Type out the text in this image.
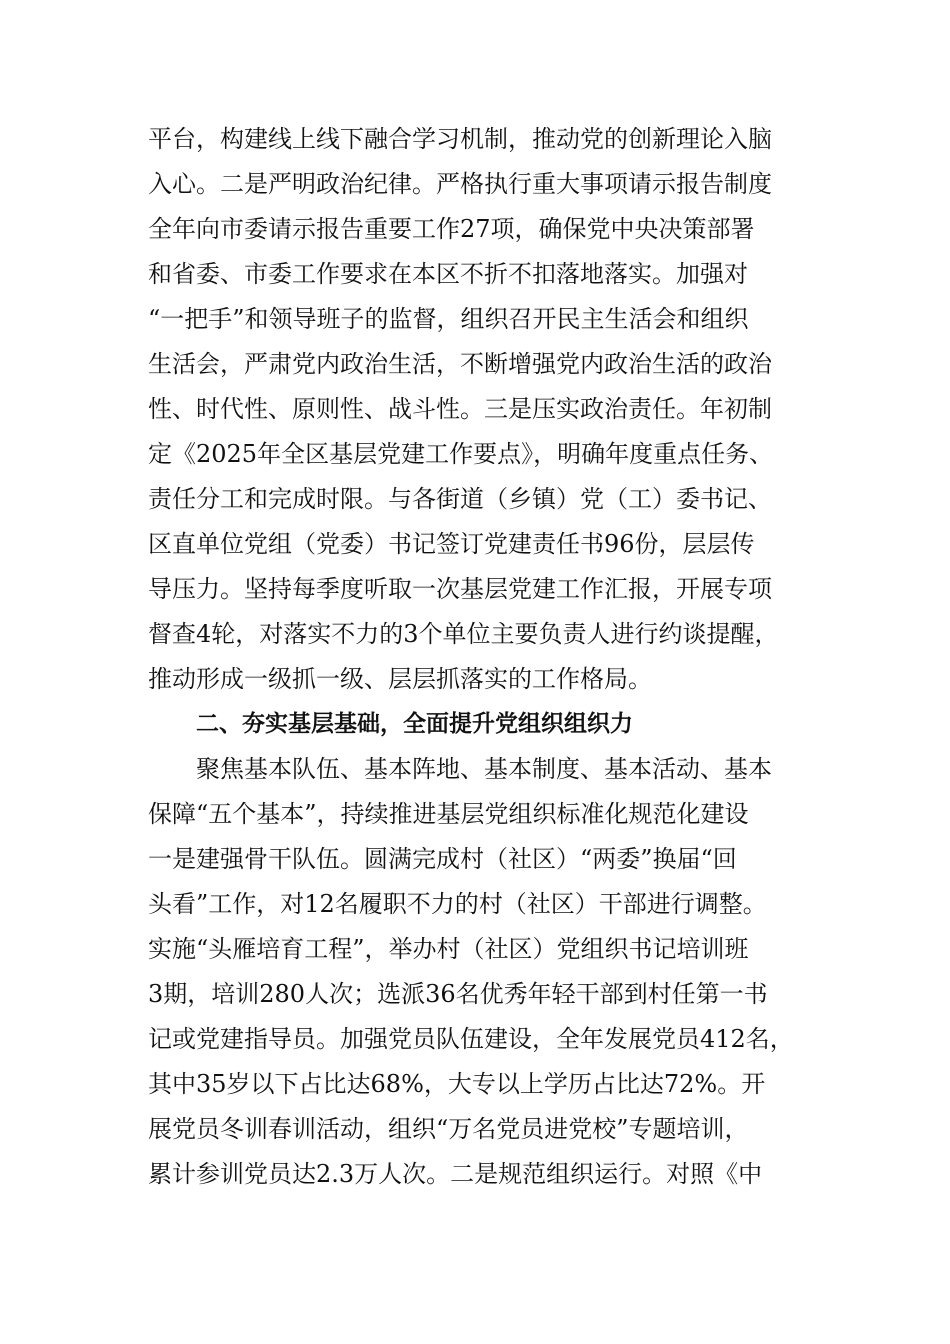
平台，构建线上线下融合学习机制，推动党的创新理论入脑
入心。二是严明政治纪律。严格执行重大事项请示报告制度
全年向市委请示报告重要工作27项，确保党中央决策部署
和省委、市委工作要求在本区不折不扣落地落实。加强对
“一把手”和领导班子的监督，组织召开民主生活会和组织
生活会，严肃党内政治生活，不断增强党内政治生活的政治
性、时代性、原则性、战斗性。三是压实政治责任。年初制
定《2025年全区基层党建工作要点》，明确年度重点任务、
责任分工和完成时限。与各街道（乡镇）党（工）委书记、
区直单位党组（党委）书记签订党建责任书96份，层层传
导压力。坚持每季度听取一次基层党建工作汇报，开展专项
督查4轮，对落实不力的3个单位主要负责人进行约谈提醒，
推动形成一级抓一级、层层抓落实的工作格局。
二、夯实基层基础，全面提升党组织组织力
聚焦基本队伍、基本阵地、基本制度、基本活动、基本
保障“五个基本”，持续推进基层党组织标准化规范化建设
一是建强骨干队伍。圆满完成村（社区）“两委”换届“回
头看”工作，对12名履职不力的村（社区）干部进行调整。
实施“头雁培育工程”，举办村（社区）党组织书记培训班
3期，培训280人次；选派36名优秀年轻干部到村任第一书
记或党建指导员。加强党员队伍建设，全年发展党员412名，
其中35岁以下占比达68%，大专以上学历占比达72%。开
展党员冬训春训活动，组织“万名党员进党校”专题培训，
累计参训党员达2.3万人次。二是规范组织运行。对照《中
